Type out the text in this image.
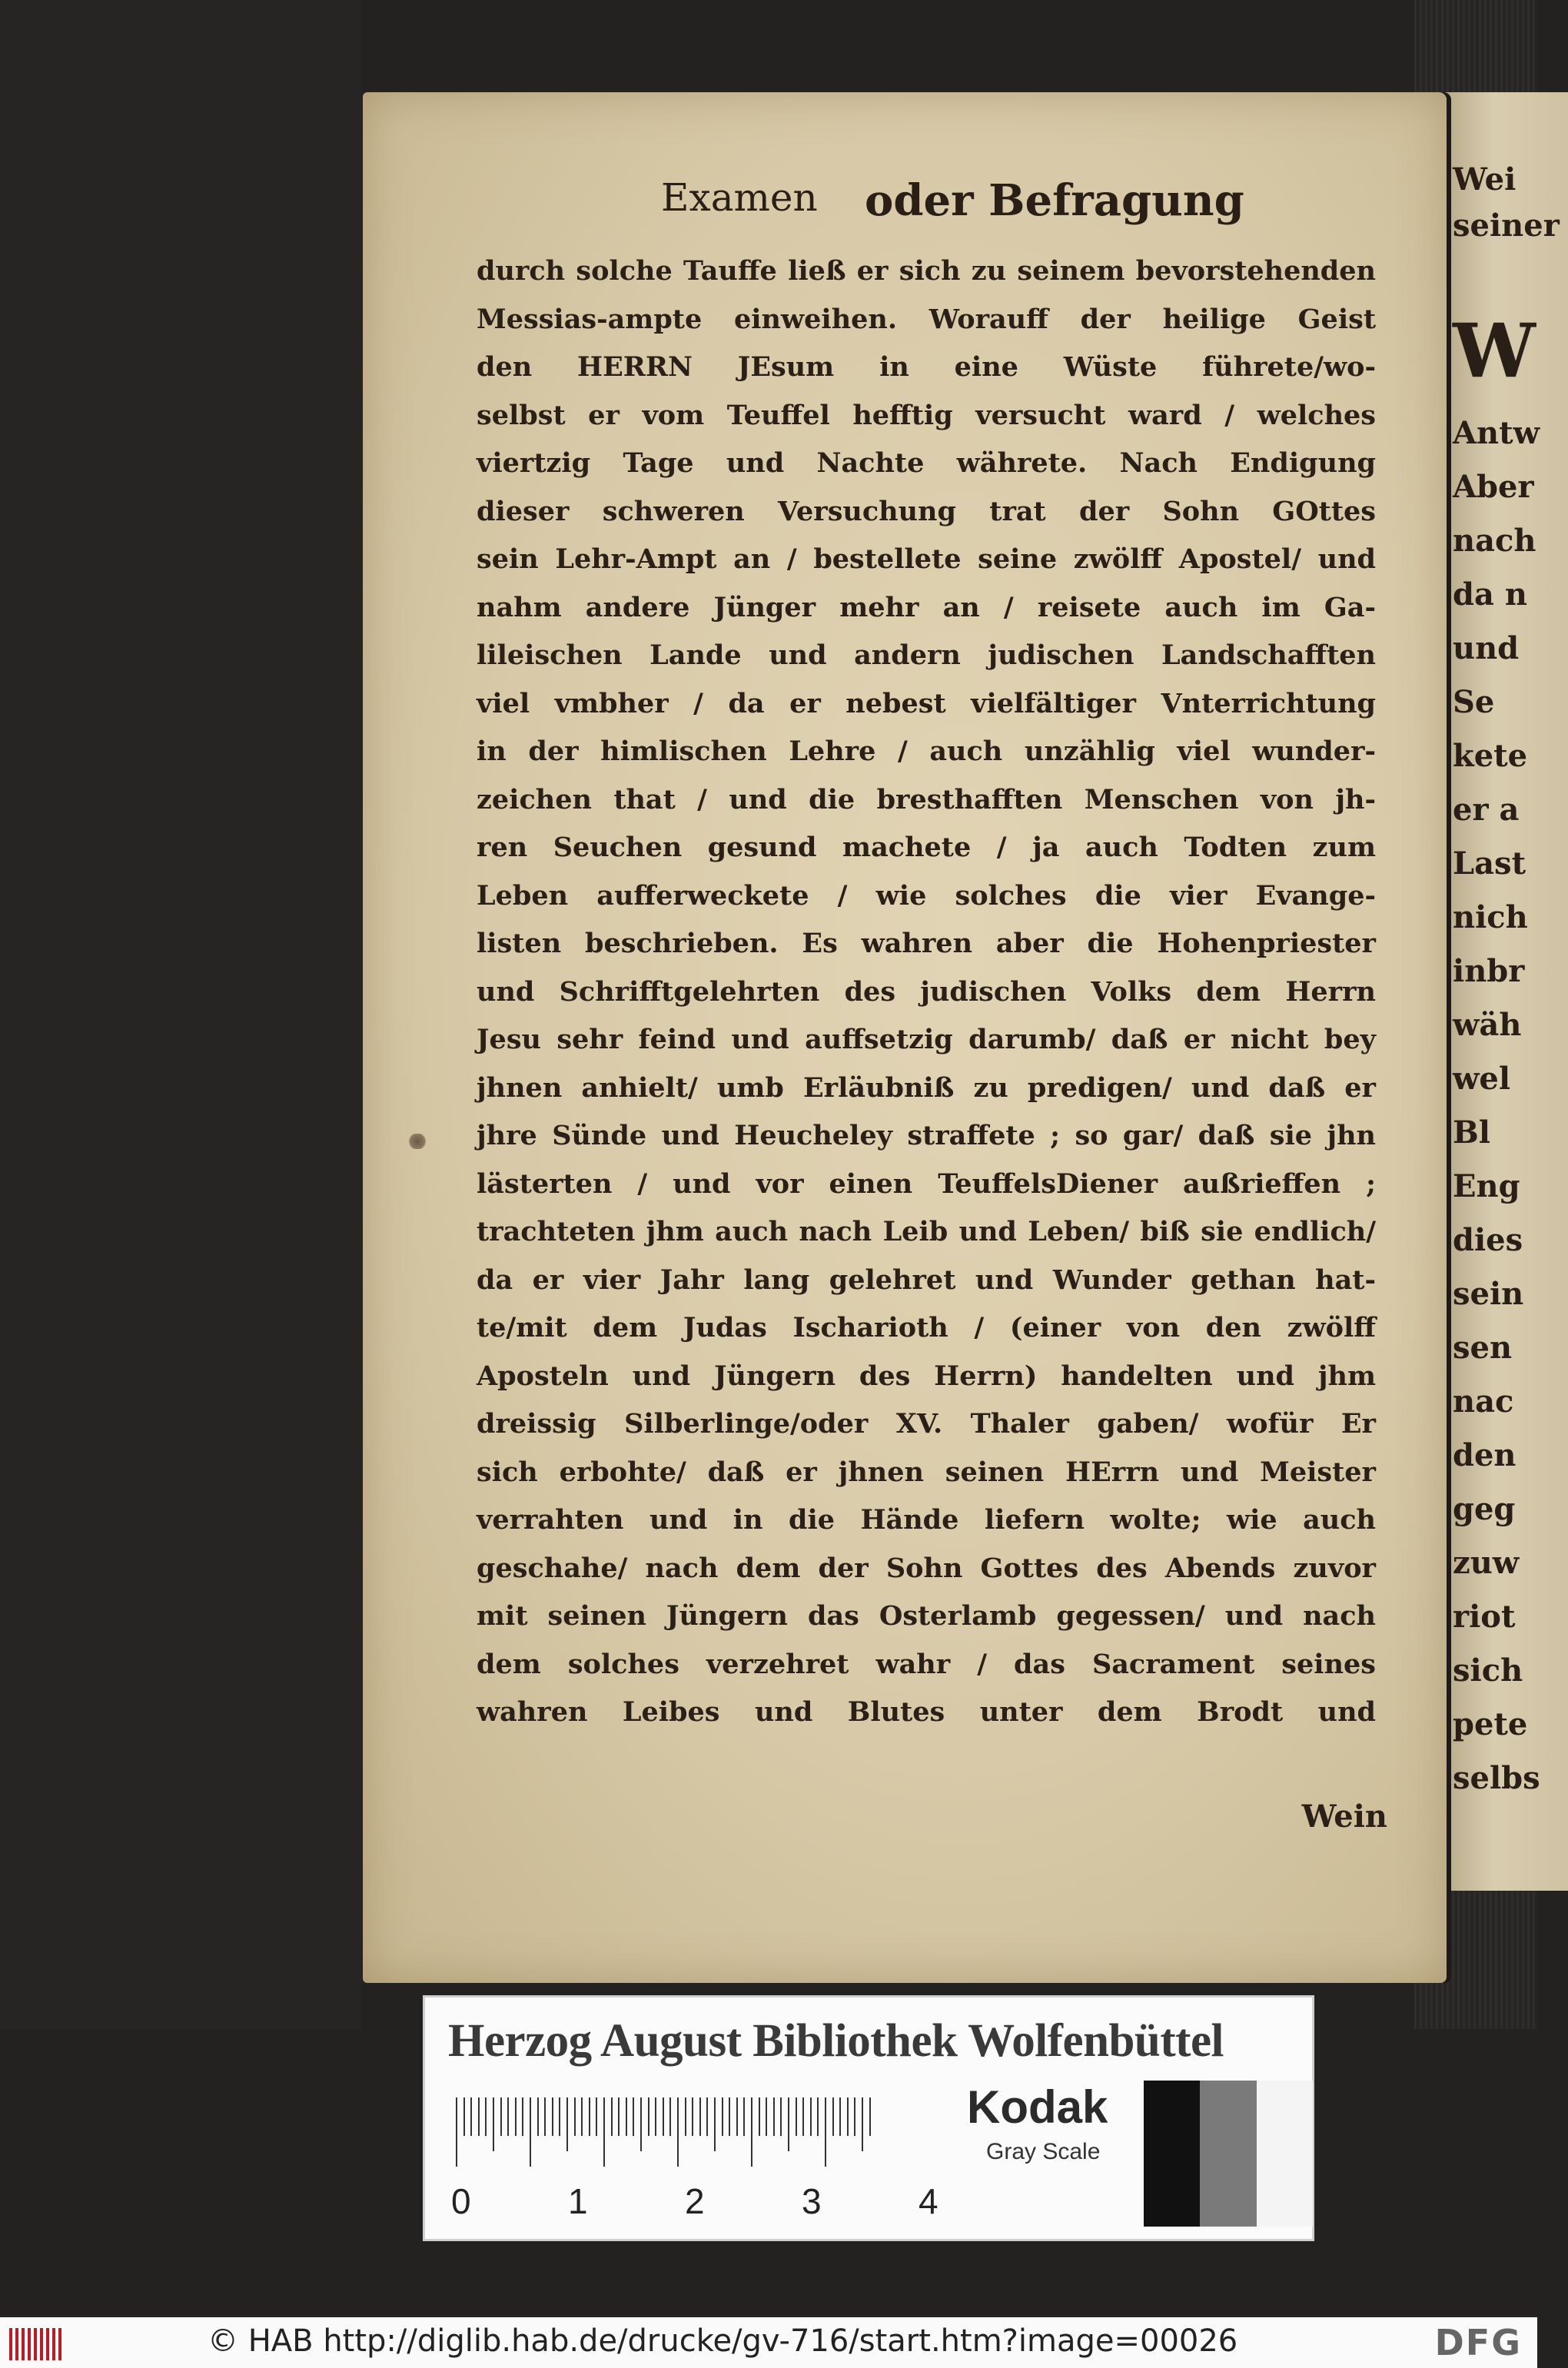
Wei
seiner
W
Antw
Aber
nach
da n
und
Se
kete
er a
Last
nich
inbr
wäh
wel
Bl
Eng
dies
sein
sen
nac
den
geg
zuw
riot
sich
pete
selbs
Examen oder Befragung
durch solche Tauffe ließ er sich zu seinem bevorstehenden
Messias-ampte einweihen. Worauff der heilige Geist
den HERRN JEsum in eine Wüste führete/wo-
selbst er vom Teuffel hefftig versucht ward / welches
viertzig Tage und Nachte währete. Nach Endigung
dieser schweren Versuchung trat der Sohn GOttes
sein Lehr-Ampt an / bestellete seine zwölff Apostel/ und
nahm andere Jünger mehr an / reisete auch im Ga-
lileischen Lande und andern judischen Landschafften
viel vmbher / da er nebest vielfältiger Vnterrichtung
in der himlischen Lehre / auch unzählig viel wunder-
zeichen that / und die bresthafften Menschen von jh-
ren Seuchen gesund machete / ja auch Todten zum
Leben aufferweckete / wie solches die vier Evange-
listen beschrieben. Es wahren aber die Hohenpriester
und Schrifftgelehrten des judischen Volks dem Herrn
Jesu sehr feind und auffsetzig darumb/ daß er nicht bey
jhnen anhielt/ umb Erläubniß zu predigen/ und daß er
jhre Sünde und Heucheley straffete ; so gar/ daß sie jhn
lästerten / und vor einen TeuffelsDiener außrieffen ;
trachteten jhm auch nach Leib und Leben/ biß sie endlich/
da er vier Jahr lang gelehret und Wunder gethan hat-
te/mit dem Judas Ischarioth / (einer von den zwölff
Aposteln und Jüngern des Herrn) handelten und jhm
dreissig Silberlinge/oder XV. Thaler gaben/ wofür Er
sich erbohte/ daß er jhnen seinen HErrn und Meister
verrahten und in die Hände liefern wolte; wie auch
geschahe/ nach dem der Sohn Gottes des Abends zuvor
mit seinen Jüngern das Osterlamb gegessen/ und nach
dem solches verzehret wahr / das Sacrament seines
wahren Leibes und Blutes unter dem Brodt und
Wein
Herzog August Bibliothek Wolfenbüttel
0	1	2	3	4
Kodak
Gray Scale
© HAB http://diglib.hab.de/drucke/gv-716/start.htm?image=00026	DFG
